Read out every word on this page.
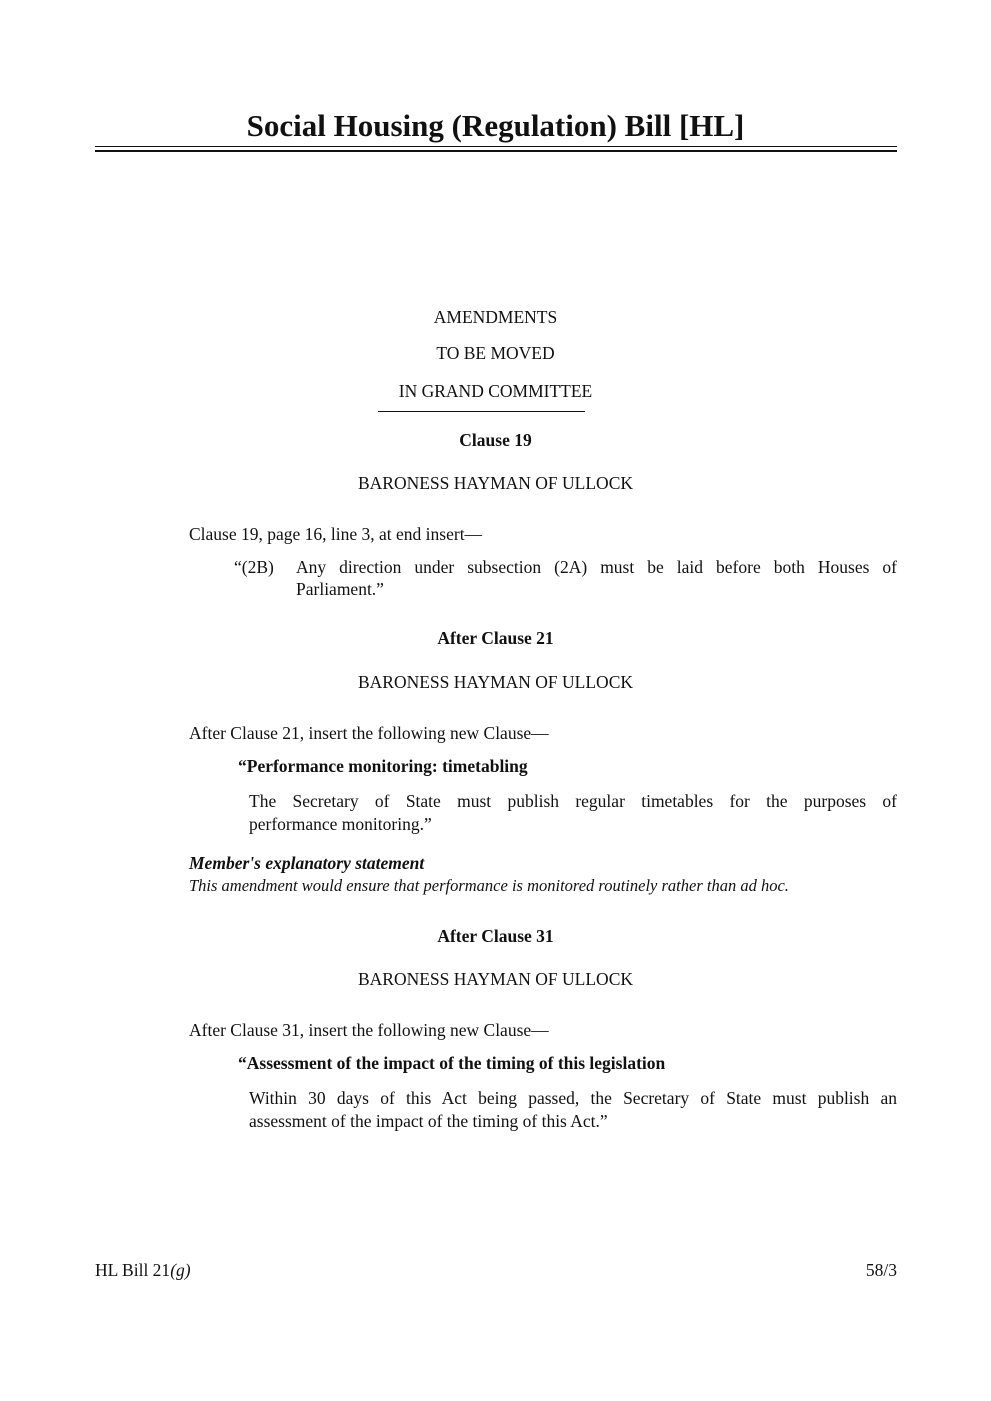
Social Housing (Regulation) Bill [HL]
AMENDMENTS
TO BE MOVED
IN GRAND COMMITTEE
Clause 19
BARONESS HAYMAN OF ULLOCK
Clause 19, page 16, line 3, at end insert—
“(2B) Any direction under subsection (2A) must be laid before both Houses of
Parliament.”
After Clause 21
BARONESS HAYMAN OF ULLOCK
After Clause 21, insert the following new Clause—
“Performance monitoring: timetabling
The Secretary of State must publish regular timetables for the purposes of
performance monitoring.”
Member's explanatory statement
This amendment would ensure that performance is monitored routinely rather than ad hoc.
After Clause 31
BARONESS HAYMAN OF ULLOCK
After Clause 31, insert the following new Clause—
“Assessment of the impact of the timing of this legislation
Within 30 days of this Act being passed, the Secretary of State must publish an
assessment of the impact of the timing of this Act.”
HL Bill 21(g)	58/3
